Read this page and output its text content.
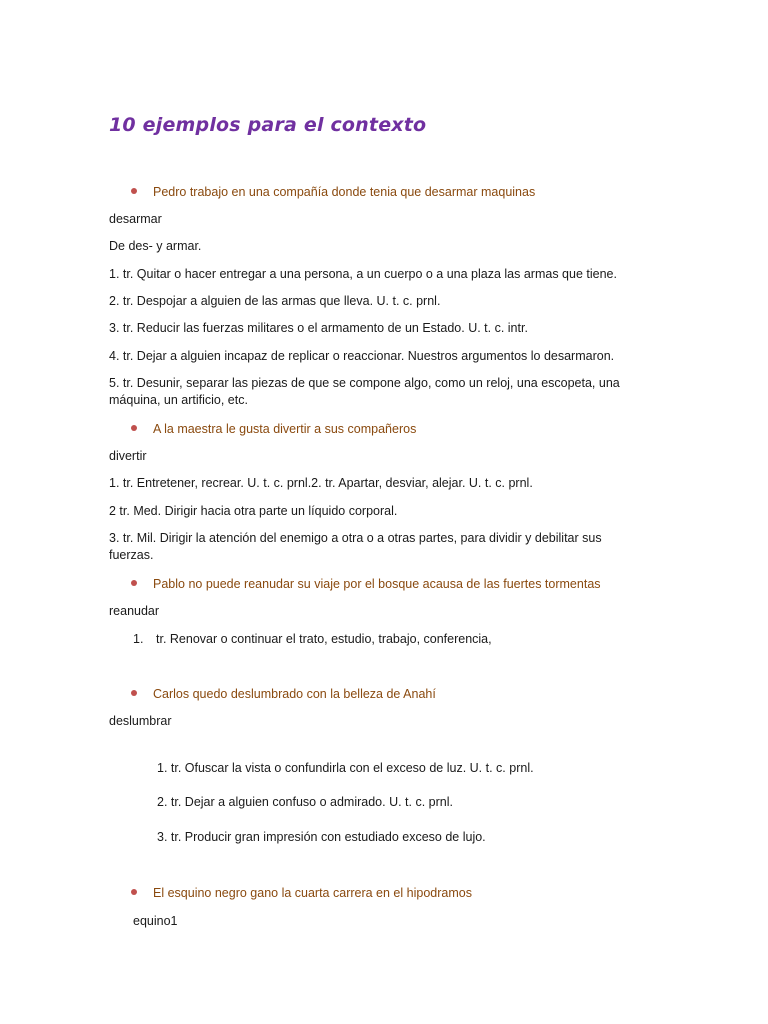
10 ejemplos para el contexto
Pedro trabajo en una compañía donde tenia que desarmar maquinas
desarmar
De des- y armar.
1. tr. Quitar o hacer entregar a una persona, a un cuerpo o a una plaza las armas que tiene.
2. tr. Despojar a alguien de las armas que lleva. U. t. c. prnl.
3. tr. Reducir las fuerzas militares o el armamento de un Estado. U. t. c. intr.
4. tr. Dejar a alguien incapaz de replicar o reaccionar. Nuestros argumentos lo desarmaron.
5. tr. Desunir, separar las piezas de que se compone algo, como un reloj, una escopeta, una máquina, un artificio, etc.
A la maestra le gusta divertir a sus compañeros
divertir
1. tr. Entretener, recrear. U. t. c. prnl.2. tr. Apartar, desviar, alejar. U. t. c. prnl.
2 tr. Med. Dirigir hacia otra parte un líquido corporal.
3. tr. Mil. Dirigir la atención del enemigo a otra o a otras partes, para dividir y debilitar sus fuerzas.
Pablo no puede reanudar su viaje por el bosque acausa de las fuertes tormentas
reanudar
1. tr. Renovar o continuar el trato, estudio, trabajo, conferencia,
Carlos quedo deslumbrado con la belleza de Anahí
deslumbrar
1. tr. Ofuscar la vista o confundirla con el exceso de luz. U. t. c. prnl.
2. tr. Dejar a alguien confuso o admirado. U. t. c. prnl.
3. tr. Producir gran impresión con estudiado exceso de lujo.
El esquino negro gano la cuarta carrera en el hipodramos
equino1
